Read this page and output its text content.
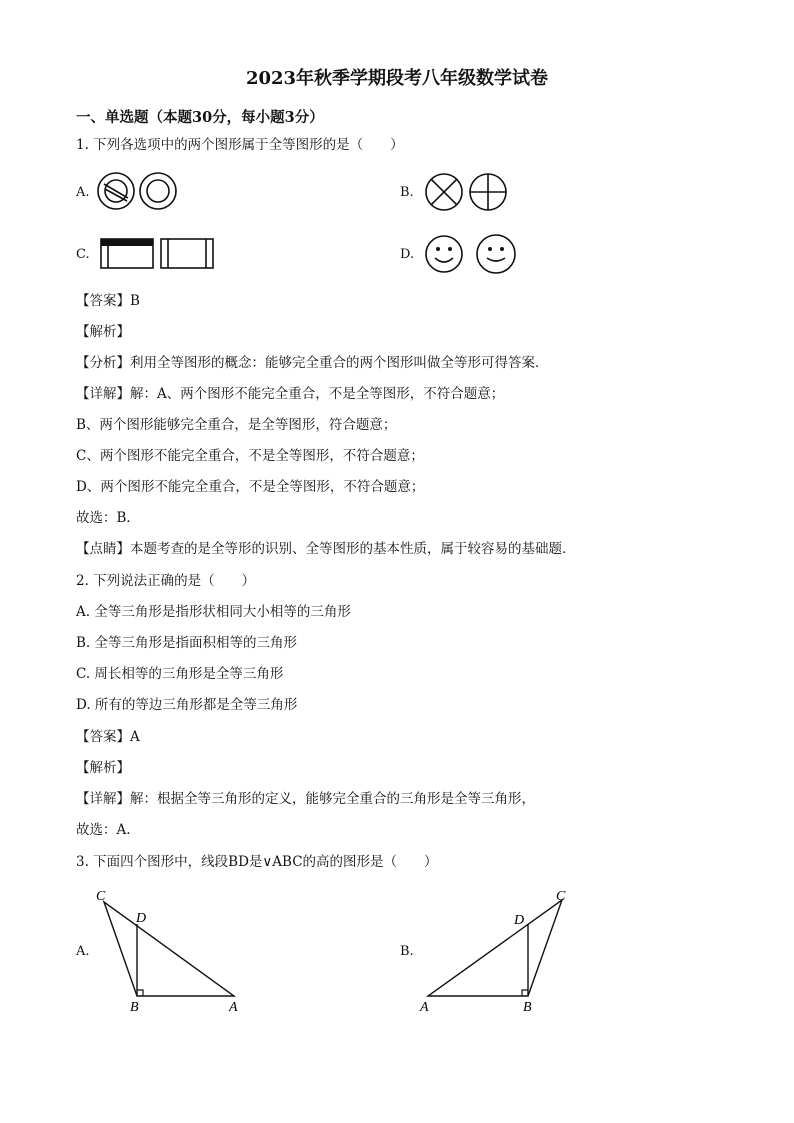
2023年秋季学期段考八年级数学试卷
一、单选题（本题30分，每小题3分）
1. 下列各选项中的两个图形属于全等图形的是（　　）
A.	B.
C.	D.
【答案】B
【解析】
【分析】利用全等图形的概念：能够完全重合的两个图形叫做全等形可得答案．
【详解】解：A、两个图形不能完全重合，不是全等图形，不符合题意；
B、两个图形能够完全重合，是全等图形，符合题意；
C、两个图形不能完全重合，不是全等图形，不符合题意；
D、两个图形不能完全重合，不是全等图形，不符合题意；
故选：B．
【点睛】本题考查的是全等形的识别、全等图形的基本性质，属于较容易的基础题．
2. 下列说法正确的是（　　）
A. 全等三角形是指形状相同大小相等的三角形
B. 全等三角形是指面积相等的三角形
C. 周长相等的三角形是全等三角形
D. 所有的等边三角形都是全等三角形
【答案】A
【解析】
【详解】解：根据全等三角形的定义，能够完全重合的三角形是全等三角形，
故选：A.
3. 下面四个图形中，线段BD是∨ABC的高的图形是（　　）
A.
C
D
B	A
B.
C
D
A	B
